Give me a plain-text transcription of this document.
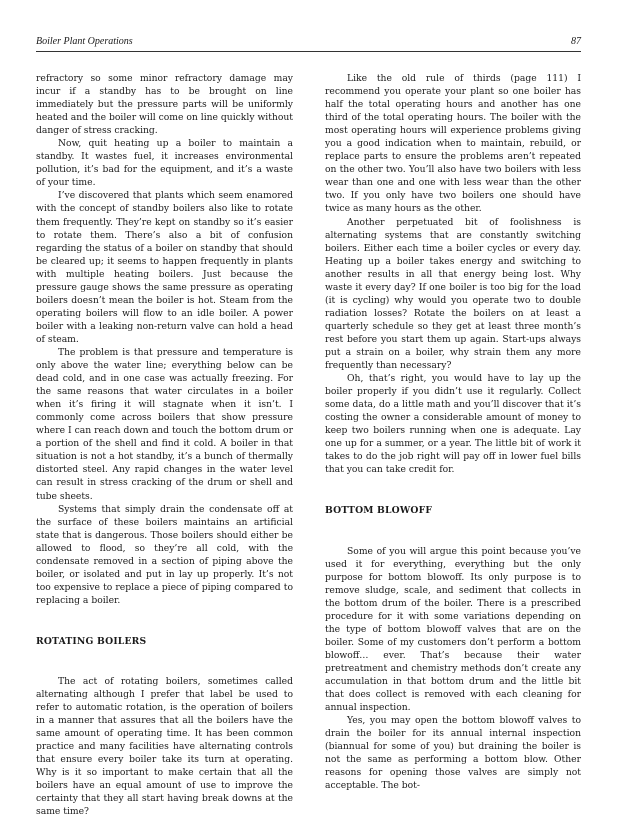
Boiler Plant Operations	87

refractory so some minor refractory damage may incur if a standby has to be brought on line immediately but the pressure parts will be uniformly heated and the boiler will come on line quickly without danger of stress cracking.

Now, quit heating up a boiler to maintain a standby. It wastes fuel, it increases environmental pollution, it’s bad for the equipment, and it’s a waste of your time.

I’ve discovered that plants which seem enamored with the concept of standby boilers also like to rotate them frequently. They’re kept on standby so it’s easier to rotate them. There’s also a bit of confusion regarding the status of a boiler on standby that should be cleared up; it seems to happen frequently in plants with multiple heating boilers. Just because the pressure gauge shows the same pressure as operating boilers doesn’t mean the boiler is hot. Steam from the operating boilers will flow to an idle boiler. A power boiler with a leaking non-return valve can hold a head of steam.

The problem is that pressure and temperature is only above the water line; everything below can be dead cold, and in one case was actually freezing. For the same reasons that water circulates in a boiler when it’s firing it will stagnate when it isn’t. I commonly come across boilers that show pressure where I can reach down and touch the bottom drum or a portion of the shell and find it cold. A boiler in that situation is not a hot standby, it’s a bunch of thermally distorted steel. Any rapid changes in the water level can result in stress cracking of the drum or shell and tube sheets.

Systems that simply drain the condensate off at the surface of these boilers maintains an artificial state that is dangerous. Those boilers should either be allowed to flood, so they’re all cold, with the condensate removed in a section of piping above the boiler, or isolated and put in lay up properly. It’s not too expensive to replace a piece of piping compared to replacing a boiler.

ROTATING BOILERS

The act of rotating boilers, sometimes called alternating although I prefer that label be used to refer to automatic rotation, is the operation of boilers in a manner that assures that all the boilers have the same amount of operating time. It has been common practice and many facilities have alternating controls that ensure every boiler take its turn at operating. Why is it so important to make certain that all the boilers have an equal amount of use to improve the certainty that they all start having break downs at the same time?

Like the old rule of thirds (page 111) I recommend you operate your plant so one boiler has half the total operating hours and another has one third of the total operating hours. The boiler with the most operating hours will experience problems giving you a good indication when to maintain, rebuild, or replace parts to ensure the problems aren’t repeated on the other two. You’ll also have two boilers with less wear than one and one with less wear than the other two. If you only have two boilers one should have twice as many hours as the other.

Another perpetuated bit of foolishness is alternating systems that are constantly switching boilers. Either each time a boiler cycles or every day. Heating up a boiler takes energy and switching to another results in all that energy being lost. Why waste it every day? If one boiler is too big for the load (it is cycling) why would you operate two to double radiation losses? Rotate the boilers on at least a quarterly schedule so they get at least three month’s rest before you start them up again. Start-ups always put a strain on a boiler, why strain them any more frequently than necessary?

Oh, that’s right, you would have to lay up the boiler properly if you didn’t use it regularly. Collect some data, do a little math and you’ll discover that it’s costing the owner a considerable amount of money to keep two boilers running when one is adequate. Lay one up for a summer, or a year. The little bit of work it takes to do the job right will pay off in lower fuel bills that you can take credit for.

BOTTOM BLOWOFF

Some of you will argue this point because you’ve used it for everything, everything but the only purpose for bottom blowoff. Its only purpose is to remove sludge, scale, and sediment that collects in the bottom drum of the boiler. There is a prescribed procedure for it with some variations depending on the type of bottom blowoff valves that are on the boiler. Some of my customers don’t perform a bottom blowoff… ever. That’s because their water pretreatment and chemistry methods don’t create any accumulation in that bottom drum and the little bit that does collect is removed with each cleaning for annual inspection.

Yes, you may open the bottom blowoff valves to drain the boiler for its annual internal inspection (biannual for some of you) but draining the boiler is not the same as performing a bottom blow. Other reasons for opening those valves are simply not acceptable. The bot-
